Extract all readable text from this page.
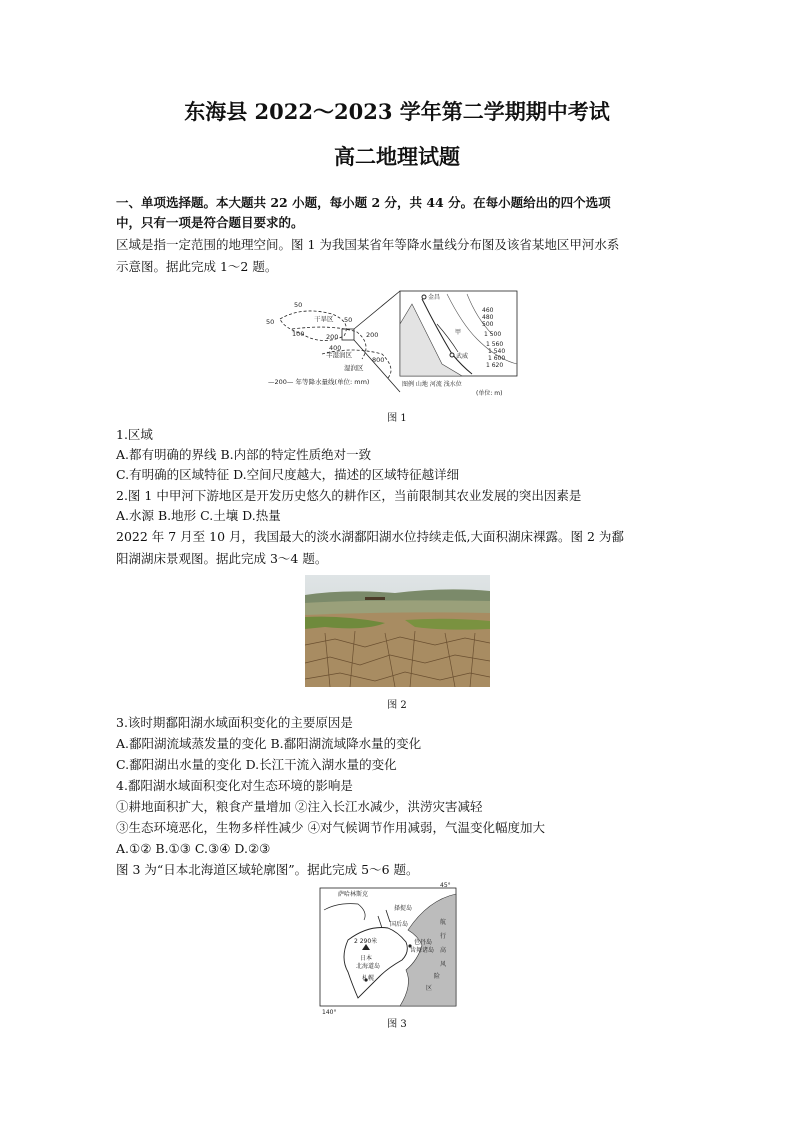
东海县 2022～2023 学年第二学期期中考试
高二地理试题
一、单项选择题。本大题共 22 小题，每小题 2 分，共 44 分。在每小题给出的四个选项
中，只有一项是符合题目要求的。
区域是指一定范围的地理空间。图 1 为我国某省年等降水量线分布图及该省某地区甲河水系
示意图。据此完成 1～2 题。
50
50	50
100	200
200
400
800
干旱区
半湿润区
湿润区
—200— 年等降水量线(单位: mm)
金昌
甲
武威
460
480
500
1 500
1 560
1 540
1 600
1 620
图例 山地 河流 浅水位
(单位: m)
图 1
1.区域
A.都有明确的界线 B.内部的特定性质绝对一致
C.有明确的区域特征 D.空间尺度越大，描述的区域特征越详细
2.图 1 中甲河下游地区是开发历史悠久的耕作区，当前限制其农业发展的突出因素是
A.水源 B.地形 C.土壤 D.热量
2022 年 7 月至 10 月，我国最大的淡水湖鄱阳湖水位持续走低,大面积湖床裸露。图 2 为鄱
阳湖湖床景观图。据此完成 3～4 题。
图 2
3.该时期鄱阳湖水域面积变化的主要原因是
A.鄱阳湖流域蒸发量的变化 B.鄱阳湖流域降水量的变化
C.鄱阳湖出水量的变化 D.长江干流入湖水量的变化
4.鄱阳湖水域面积变化对生态环境的影响是
①耕地面积扩大，粮食产量增加 ②注入长江水减少，洪涝灾害减轻
③生态环境恶化，生物多样性减少 ④对气候调节作用减弱，气温变化幅度加大
A.①② B.①③ C.③④ D.②③
图 3 为“日本北海道区域轮廓图”。据此完成 5～6 题。
萨哈林斯克
择捉岛
国后岛
色丹岛
齿舞诸岛
日本
北海道岛
札幌
2 290米
航
行
高
风
险
区
45°
140°
图 3
